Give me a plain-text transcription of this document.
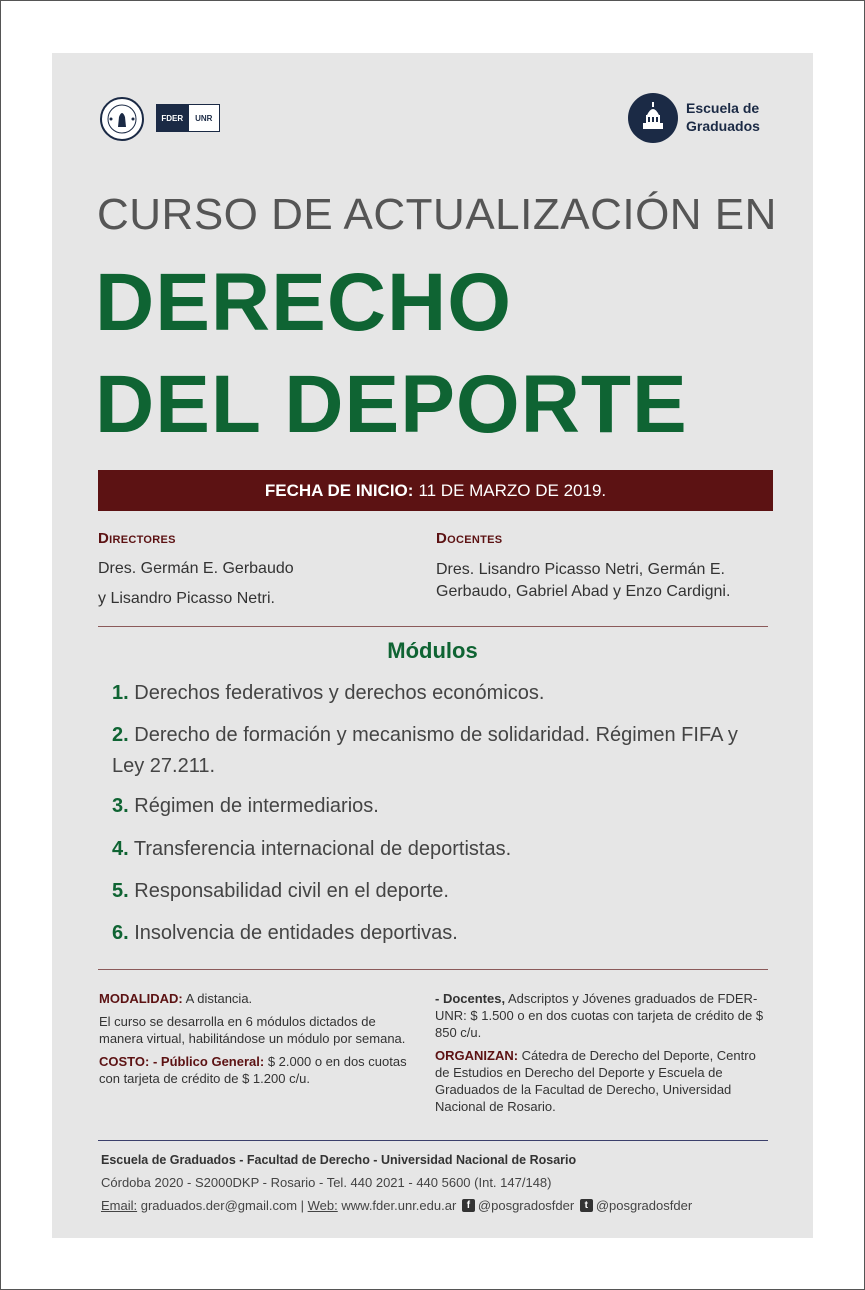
FDER	UNR
Escuela de
Graduados
CURSO DE ACTUALIZACIÓN EN
DERECHO
DEL DEPORTE
FECHA DE INICIO: 11 DE MARZO DE 2019.
Directores
Dres. Germán E. Gerbaudo
y Lisandro Picasso Netri.
Docentes
Dres. Lisandro Picasso Netri, Germán E.
Gerbaudo, Gabriel Abad y Enzo Cardigni.
Módulos
1. Derechos federativos y derechos económicos.
2. Derecho de formación y mecanismo de solidaridad. Régimen FIFA y Ley 27.211.
3. Régimen de intermediarios.
4. Transferencia internacional de deportistas.
5. Responsabilidad civil en el deporte.
6. Insolvencia de entidades deportivas.
MODALIDAD: A distancia.
El curso se desarrolla en 6 módulos dictados de manera virtual, habilitándose un módulo por semana.
COSTO: - Público General: $ 2.000 o en dos cuotas con tarjeta de crédito de $ 1.200 c/u.
- Docentes, Adscriptos y Jóvenes graduados de FDER-UNR: $ 1.500 o en dos cuotas con tarjeta de crédito de $ 850 c/u.
ORGANIZAN: Cátedra de Derecho del Deporte, Centro de Estudios en Derecho del Deporte y Escuela de Graduados de la Facultad de Derecho, Universidad Nacional de Rosario.
Escuela de Graduados - Facultad de Derecho - Universidad Nacional de Rosario
Córdoba 2020 - S2000DKP - Rosario - Tel. 440 2021 - 440 5600 (Int. 147/148)
Email:
graduados.der@gmail.com |
Web:
www.fder.unr.edu.ar
	f @posgradosfder
	t @posgradosfder
